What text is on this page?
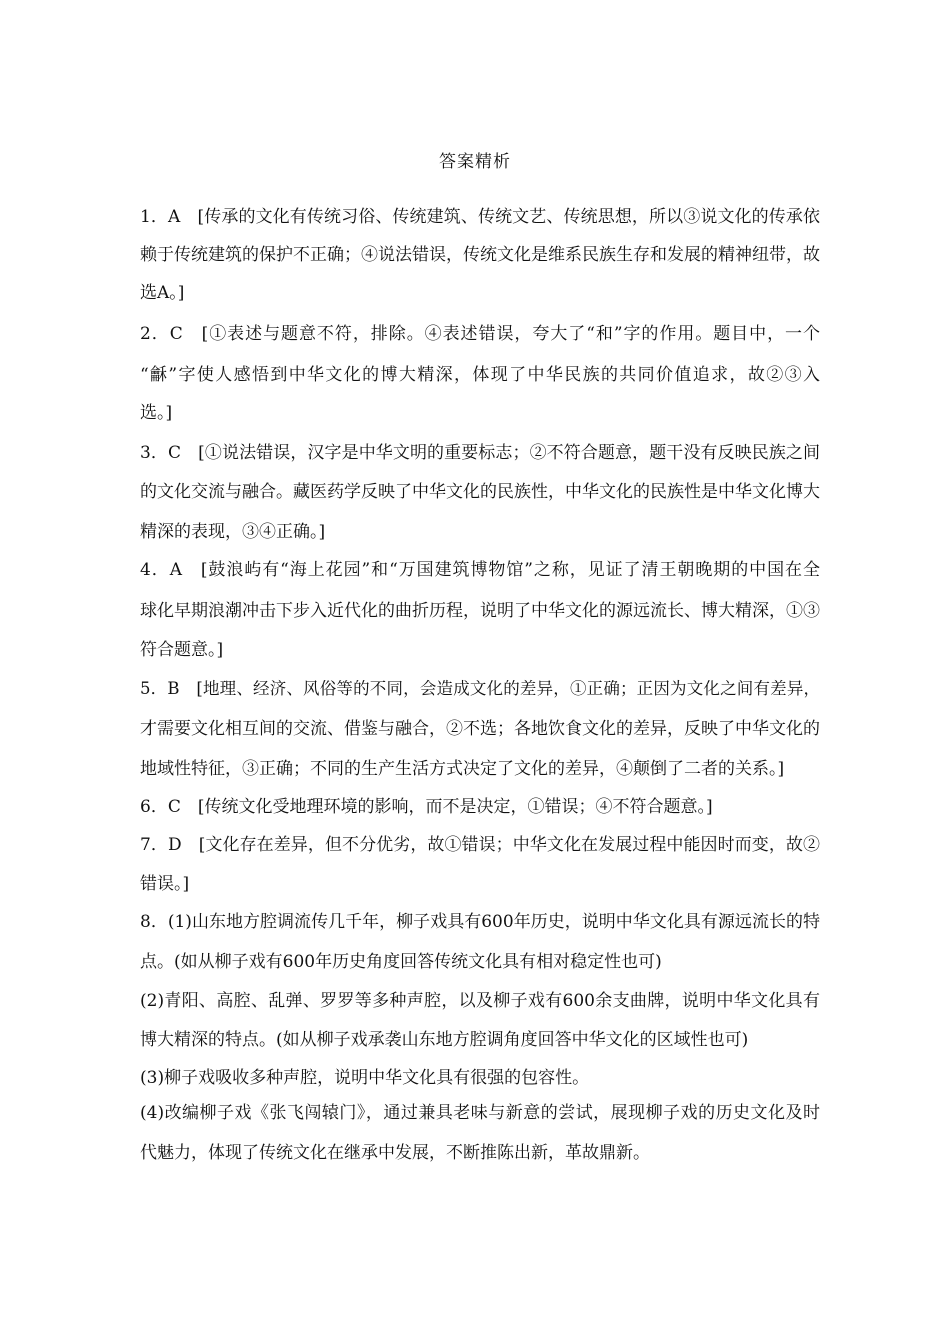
答案精析
1．A　[传承的文化有传统习俗、传统建筑、传统文艺、传统思想，所以③说文化的传承依
赖于传统建筑的保护不正确；④说法错误，传统文化是维系民族生存和发展的精神纽带，故
选A。]
2．C　[①表述与题意不符，排除。④表述错误，夸大了“和”字的作用。题目中，一个
“龢”字使人感悟到中华文化的博大精深，体现了中华民族的共同价值追求，故②③入
选。]
3．C　[①说法错误，汉字是中华文明的重要标志；②不符合题意，题干没有反映民族之间
的文化交流与融合。藏医药学反映了中华文化的民族性，中华文化的民族性是中华文化博大
精深的表现，③④正确。]
4．A　[鼓浪屿有“海上花园”和“万国建筑博物馆”之称，见证了清王朝晚期的中国在全
球化早期浪潮冲击下步入近代化的曲折历程，说明了中华文化的源远流长、博大精深，①③
符合题意。]
5．B　[地理、经济、风俗等的不同，会造成文化的差异，①正确；正因为文化之间有差异，
才需要文化相互间的交流、借鉴与融合，②不选；各地饮食文化的差异，反映了中华文化的
地域性特征，③正确；不同的生产生活方式决定了文化的差异，④颠倒了二者的关系。]
6．C　[传统文化受地理环境的影响，而不是决定，①错误；④不符合题意。]
7．D　[文化存在差异，但不分优劣，故①错误；中华文化在发展过程中能因时而变，故②
错误。]
8．(1)山东地方腔调流传几千年，柳子戏具有600年历史，说明中华文化具有源远流长的特
点。(如从柳子戏有600年历史角度回答传统文化具有相对稳定性也可)
(2)青阳、高腔、乱弹、罗罗等多种声腔，以及柳子戏有600余支曲牌，说明中华文化具有
博大精深的特点。(如从柳子戏承袭山东地方腔调角度回答中华文化的区域性也可)
(3)柳子戏吸收多种声腔，说明中华文化具有很强的包容性。
(4)改编柳子戏《张飞闯辕门》，通过兼具老味与新意的尝试，展现柳子戏的历史文化及时
代魅力，体现了传统文化在继承中发展，不断推陈出新，革故鼎新。
